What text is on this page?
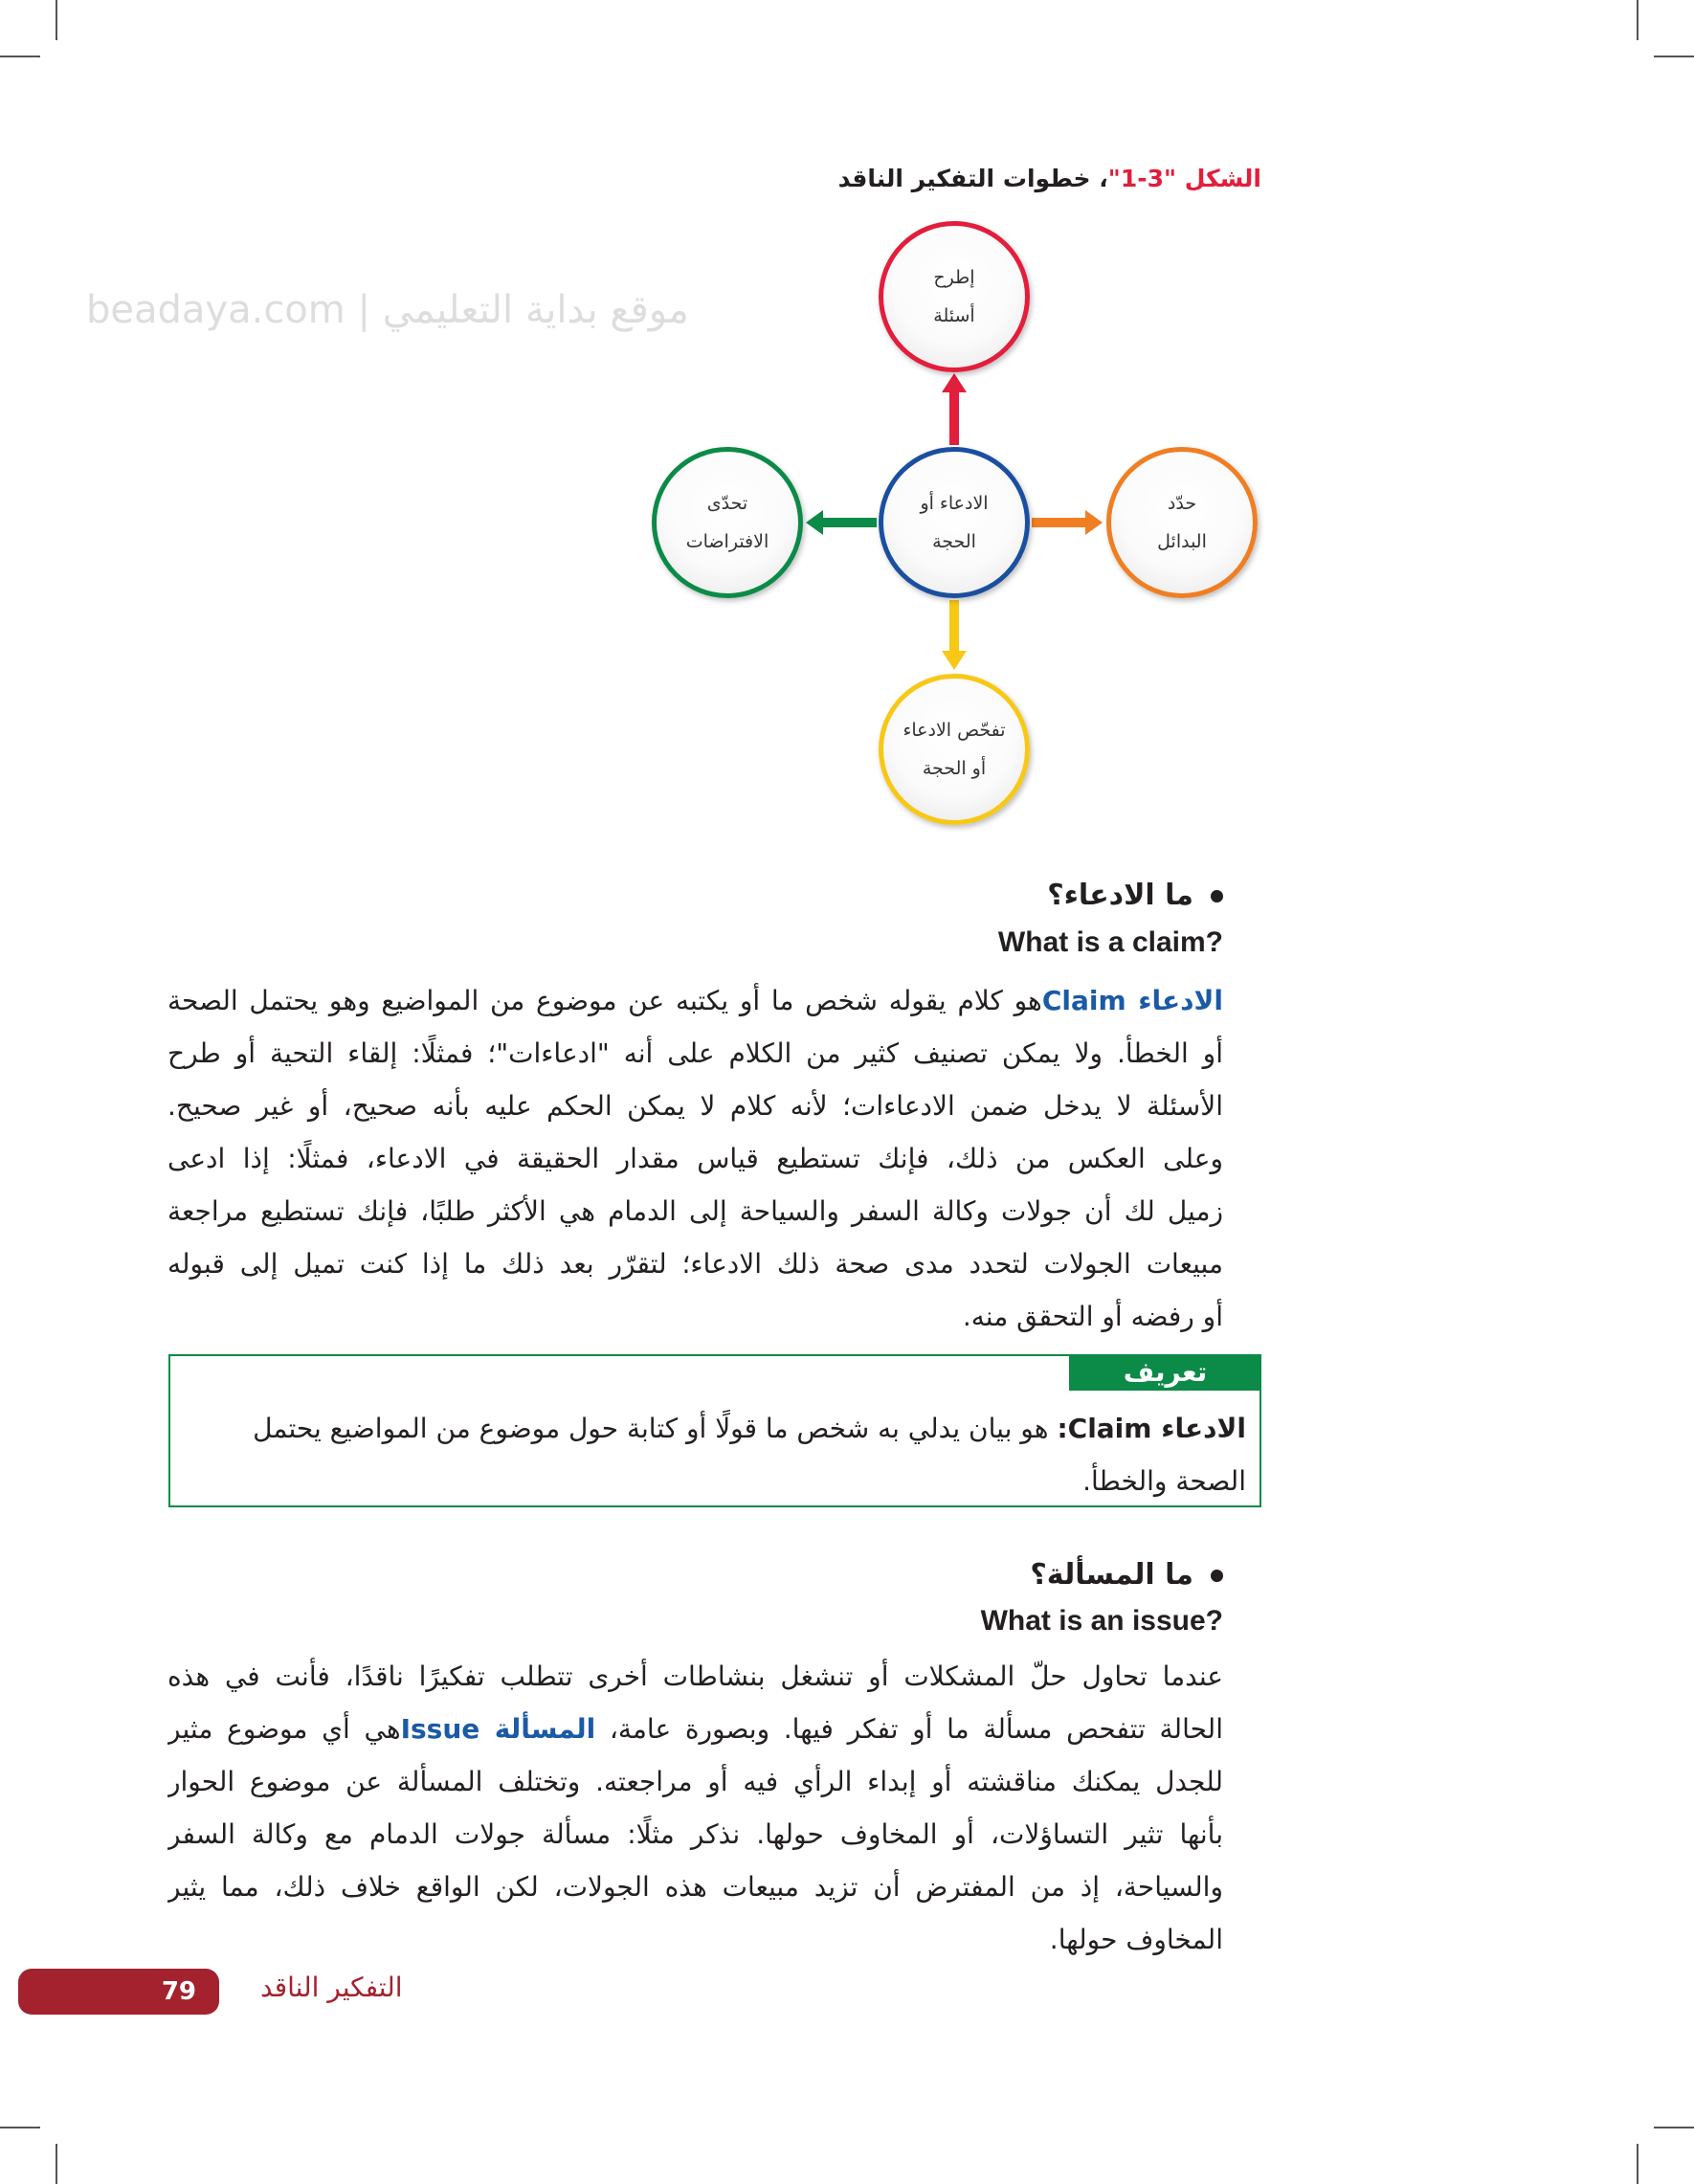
الشكل "3-1"، خطوات التفكير الناقد
إطرح
أسئلة
الادعاء أو
الحجة
تحدّى
الافتراضات
حدّد
البدائل
تفحّص الادعاء
أو الحجة
beadaya.com | موقع بداية التعليمي
ما الادعاء؟
What is a claim?
الادعاء Claimهو كلام يقوله شخص ما أو يكتبه عن موضوع من المواضيع وهو يحتمل الصحة
أو الخطأ. ولا يمكن تصنيف كثير من الكلام على أنه "ادعاءات"؛ فمثلًا: إلقاء التحية أو طرح
الأسئلة لا يدخل ضمن الادعاءات؛ لأنه كلام لا يمكن الحكم عليه بأنه صحيح، أو غير صحيح.
وعلى العكس من ذلك، فإنك تستطيع قياس مقدار الحقيقة في الادعاء، فمثلًا: إذا ادعى
زميل لك أن جولات وكالة السفر والسياحة إلى الدمام هي الأكثر طلبًا، فإنك تستطيع مراجعة
مبيعات الجولات لتحدد مدى صحة ذلك الادعاء؛ لتقرّر بعد ذلك ما إذا كنت تميل إلى قبوله
أو رفضه أو التحقق منه.
تعريف
الادعاء Claim: هو بيان يدلي به شخص ما قولًا أو كتابة حول موضوع من المواضيع يحتمل الصحة والخطأ.
ما المسألة؟
What is an issue?
عندما تحاول حلّ المشكلات أو تنشغل بنشاطات أخرى تتطلب تفكيرًا ناقدًا، فأنت في هذه
الحالة تتفحص مسألة ما أو تفكر فيها. وبصورة عامة، المسألة Issueهي أي موضوع مثير
للجدل يمكنك مناقشته أو إبداء الرأي فيه أو مراجعته. وتختلف المسألة عن موضوع الحوار
بأنها تثير التساؤلات، أو المخاوف حولها. نذكر مثلًا: مسألة جولات الدمام مع وكالة السفر
والسياحة، إذ من المفترض أن تزيد مبيعات هذه الجولات، لكن الواقع خلاف ذلك، مما يثير
المخاوف حولها.
79	التفكير الناقد
